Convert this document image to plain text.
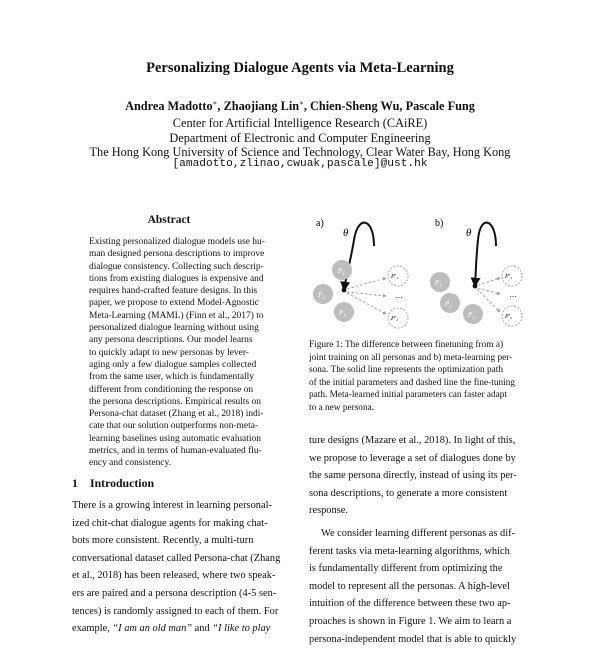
Personalizing Dialogue Agents via Meta-Learning
Andrea Madotto∗, Zhaojiang Lin∗, Chien-Sheng Wu, Pascale Fung
Center for Artificial Intelligence Research (CAiRE)
Department of Electronic and Computer Engineering
The Hong Kong University of Science and Technology, Clear Water Bay, Hong Kong
[amadotto,zlinao,cwuak,pascale]@ust.hk
Abstract
Existing personalized dialogue models use hu-
man designed persona descriptions to improve
dialogue consistency. Collecting such descrip-
tions from existing dialogues is expensive and
requires hand-crafted feature designs. In this
paper, we propose to extend Model-Agnostic
Meta-Learning (MAML) (Finn et al., 2017) to
personalized dialogue learning without using
any persona descriptions. Our model learns
to quickly adapt to new personas by lever-
aging only a few dialogue samples collected
from the same user, which is fundamentally
different from conditioning the response on
the persona descriptions. Empirical results on
Persona-chat dataset (Zhang et al., 2018) indi-
cate that our solution outperforms non-meta-
learning baselines using automatic evaluation
metrics, and in terms of human-evaluated flu-
ency and consistency.
1 Introduction
There is a growing interest in learning personal-
ized chit-chat dialogue agents for making chat-
bots more consistent. Recently, a multi-turn
conversational dataset called Persona-chat (Zhang
et al., 2018) has been released, where two speak-
ers are paired and a persona description (4-5 sen-
tences) is randomly assigned to each of them. For
example, “I am an old man” and “I like to play
a)
θ
$P_1$
$P_2$
$P_3$
P′₁
…
P′₂
b)
θ
$P_1$
$P_2$
$P_3$
P′₁
…
P′₂
Figure 1: The difference between finetuning from a)
joint training on all personas and b) meta-learning per-
sona. The solid line represents the optimization path
of the initial parameters and dashed line the fine-tuning
path. Meta-learned initial parameters can faster adapt
to a new persona.
ture designs (Mazare et al., 2018). In light of this,
we propose to leverage a set of dialogues done by
the same persona directly, instead of using its per-
sona descriptions, to generate a more consistent
response.
We consider learning different personas as dif-
ferent tasks via meta-learning algorithms, which
is fundamentally different from optimizing the
model to represent all the personas. A high-level
intuition of the difference between these two ap-
proaches is shown in Figure 1. We aim to learn a
persona-independent model that is able to quickly
